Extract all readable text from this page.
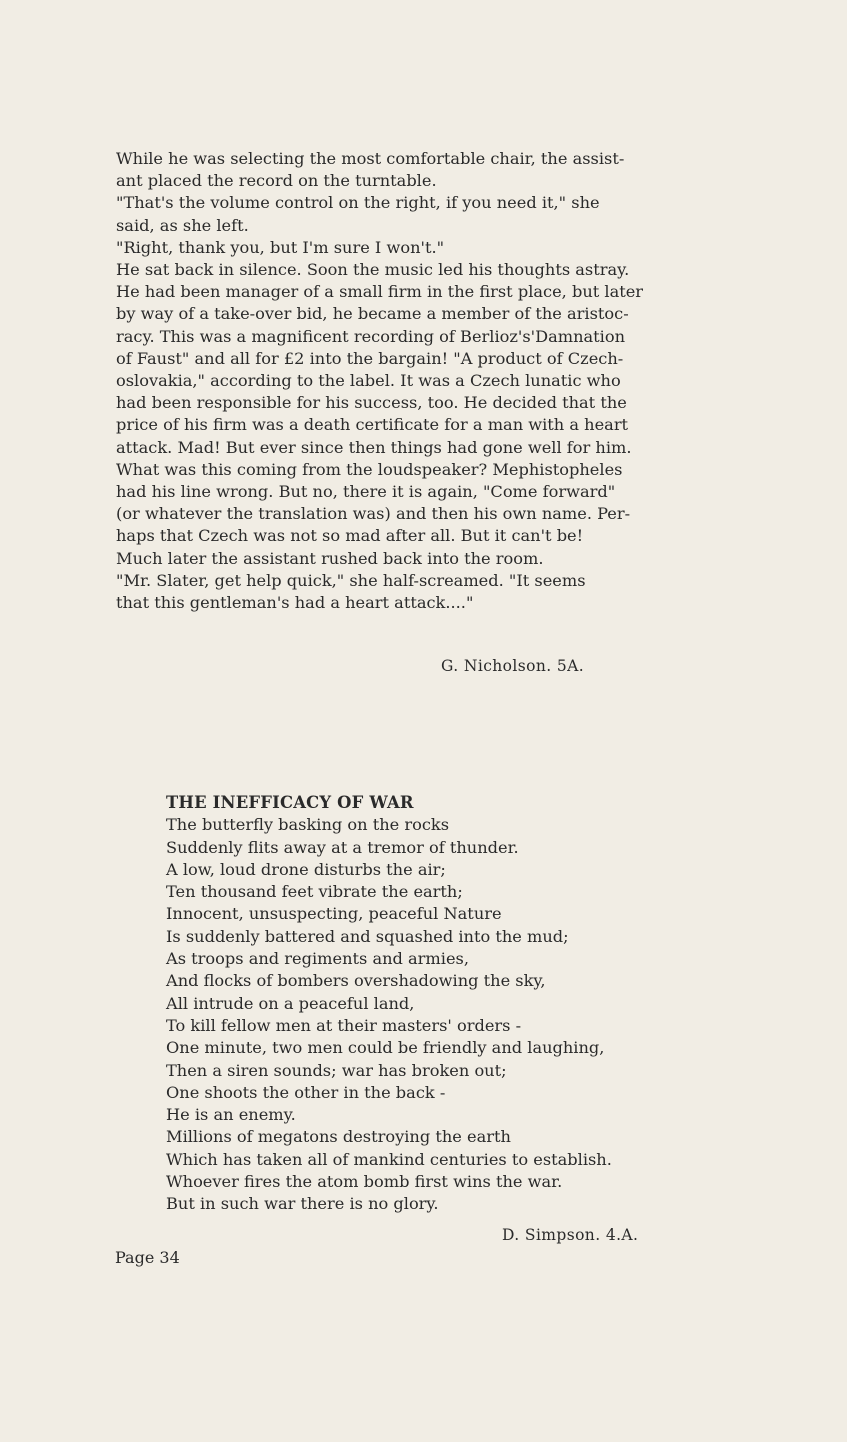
While he was selecting the most comfortable chair, the assist-

ant placed the record on the turntable.

"That's the volume control on the right, if you need it," she

said, as she left.

"Right, thank you, but I'm sure I won't."

He sat back in silence. Soon the music led his thoughts astray.

He had been manager of a small firm in the first place, but later

by way of a take-over bid, he became a member of the aristoc-

racy. This was a magnificent recording of Berlioz's'Damnation

of Faust" and all for £2 into the bargain! "A product of Czech-

oslovakia," according to the label. It was a Czech lunatic who

had been responsible for his success, too. He decided that the

price of his firm was a death certificate for a man with a heart

attack. Mad! But ever since then things had gone well for him.

What was this coming from the loudspeaker? Mephistopheles

had his line wrong. But no, there it is again, "Come forward"

(or whatever the translation was) and then his own name. Per-

haps that Czech was not so mad after all. But it can't be!

Much later the assistant rushed back into the room.

"Mr. Slater, get help quick," she half-screamed. "It seems

that this gentleman's had a heart attack...."

G. Nicholson. 5A.
THE INEFFICACY OF WAR
The butterfly basking on the rocks
Suddenly flits away at a tremor of thunder.
A low, loud drone disturbs the air;
Ten thousand feet vibrate the earth;
Innocent, unsuspecting, peaceful Nature
Is suddenly battered and squashed into the mud;
As troops and regiments and armies,
And flocks of bombers overshadowing the sky,
All intrude on a peaceful land,
To kill fellow men at their masters' orders -
One minute, two men could be friendly and laughing,
Then a siren sounds; war has broken out;
One shoots the other in the back -
He is an enemy.
Millions of megatons destroying the earth
Which has taken all of mankind centuries to establish.
Whoever fires the atom bomb first wins the war.
But in such war there is no glory.
D. Simpson. 4.A.
Page 34
